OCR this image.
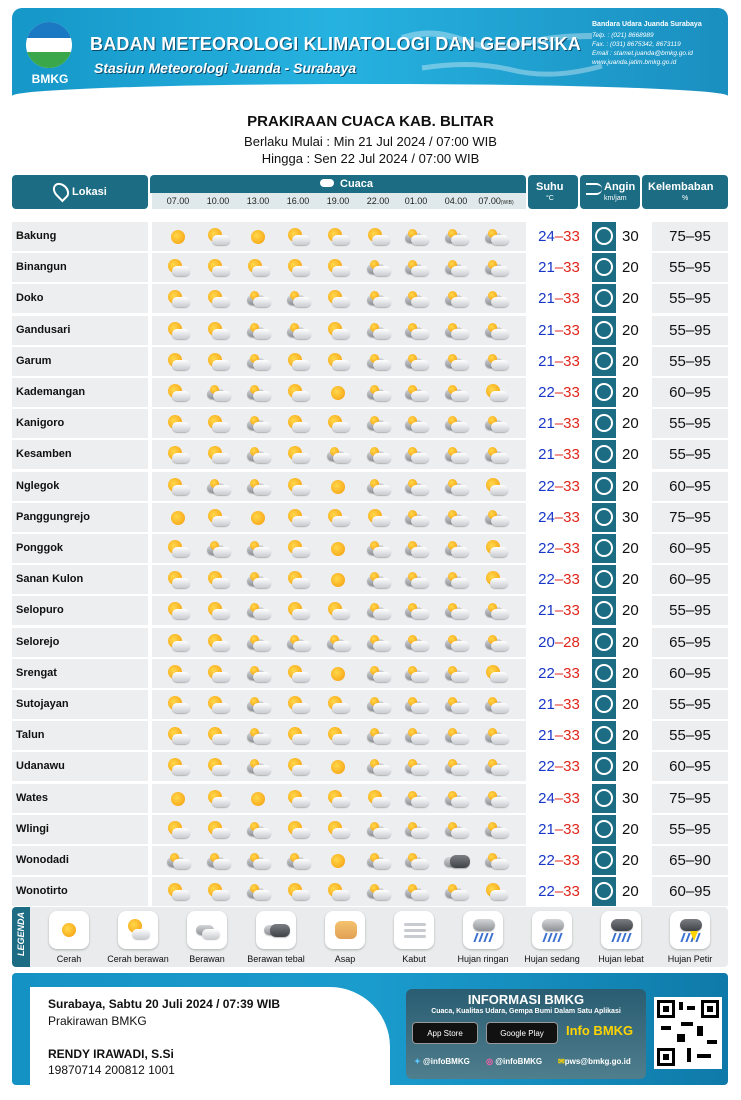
BMKG
BADAN METEOROLOGI KLIMATOLOGI DAN GEOFISIKA
Stasiun Meteorologi Juanda - Surabaya
Bandara Udara Juanda Surabaya
Telp. : (021) 8668989
Fax. : (031) 8675342, 8673119
Email : stamet.juanda@bmkg.go.id
www.juanda.jatim.bmkg.go.id
PRAKIRAAN CUACA KAB. BLITAR
Berlaku Mulai : Min 21 Jul 2024 / 07:00 WIB
Hingga : Sen 22 Jul 2024 / 07:00 WIB
Lokasi
Cuaca
07.00	10.00	13.00	16.00	19.00	22.00	01.00	04.00	07.00(WIB)
Suhu
°C
Angin
km/jam
Kelembaban
%
Bakung	24–33	30	75–95
Binangun	21–33	20	55–95
Doko	21–33	20	55–95
Gandusari	21–33	20	55–95
Garum	21–33	20	55–95
Kademangan	22–33	20	60–95
Kanigoro	21–33	20	55–95
Kesamben	21–33	20	55–95
Nglegok	22–33	20	60–95
Panggungrejo	24–33	30	75–95
Ponggok	22–33	20	60–95
Sanan Kulon	22–33	20	60–95
Selopuro	21–33	20	55–95
Selorejo	20–28	20	65–95
Srengat	22–33	20	60–95
Sutojayan	21–33	20	55–95
Talun	21–33	20	55–95
Udanawu	22–33	20	60–95
Wates	24–33	30	75–95
Wlingi	21–33	20	55–95
Wonodadi	22–33	20	65–90
Wonotirto	22–33	20	60–95
LEGENDA
Cerah	Cerah berawan	Berawan	Berawan tebal	Asap	Kabut	Hujan ringan	Hujan sedang	Hujan lebat	Hujan Petir
Surabaya, Sabtu 20 Juli 2024 / 07:39 WIB
Prakirawan BMKG
RENDY IRAWADI, S.Si
19870714 200812 1001
INFORMASI BMKG
Cuaca, Kualitas Udara, Gempa Bumi Dalam Satu Aplikasi
App Store	Google Play	Info BMKG
✦ @infoBMKG ◎ @infoBMKG ✉pws@bmkg.go.id
